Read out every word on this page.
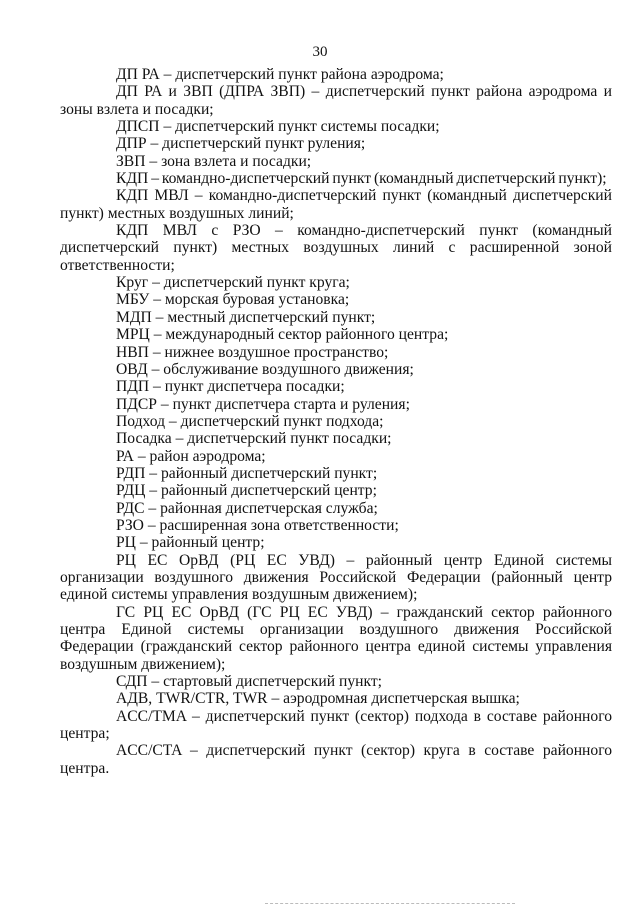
30

ДП РА – диспетчерский пункт района аэродрома;

ДП РА и ЗВП (ДПРА ЗВП) – диспетчерский пункт района аэродрома и зоны взлета и посадки;

ДПСП – диспетчерский пункт системы посадки;

ДПР – диспетчерский пункт руления;

ЗВП – зона взлета и посадки;

КДП – командно-диспетчерский пункт (командный диспетчерский пункт);

КДП МВЛ – командно-диспетчерский пункт (командный диспетчерский пункт) местных воздушных линий;

КДП МВЛ с РЗО – командно-диспетчерский пункт (командный диспетчерский пункт) местных воздушных линий с расширенной зоной ответственности;

Круг – диспетчерский пункт круга;

МБУ – морская буровая установка;

МДП – местный диспетчерский пункт;

МРЦ – международный сектор районного центра;

НВП – нижнее воздушное пространство;

ОВД – обслуживание воздушного движения;

ПДП – пункт диспетчера посадки;

ПДСР – пункт диспетчера старта и руления;

Подход – диспетчерский пункт подхода;

Посадка – диспетчерский пункт посадки;

РА – район аэродрома;

РДП – районный диспетчерский пункт;

РДЦ – районный диспетчерский центр;

РДС – районная диспетчерская служба;

РЗО – расширенная зона ответственности;

РЦ – районный центр;

РЦ ЕС ОрВД (РЦ ЕС УВД) – районный центр Единой системы организации воздушного движения Российской Федерации (районный центр единой системы управления воздушным движением);

ГС РЦ ЕС ОрВД (ГС РЦ ЕС УВД) – гражданский сектор районного центра Единой системы организации воздушного движения Российской Федерации (гражданский сектор районного центра единой системы управления воздушным движением);

СДП – стартовый диспетчерский пункт;

АДВ, TWR/CTR, TWR – аэродромная диспетчерская вышка;

ACC/TMA – диспетчерский пункт (сектор) подхода в составе районного центра;

ACC/CTA – диспетчерский пункт (сектор) круга в составе районного центра.
